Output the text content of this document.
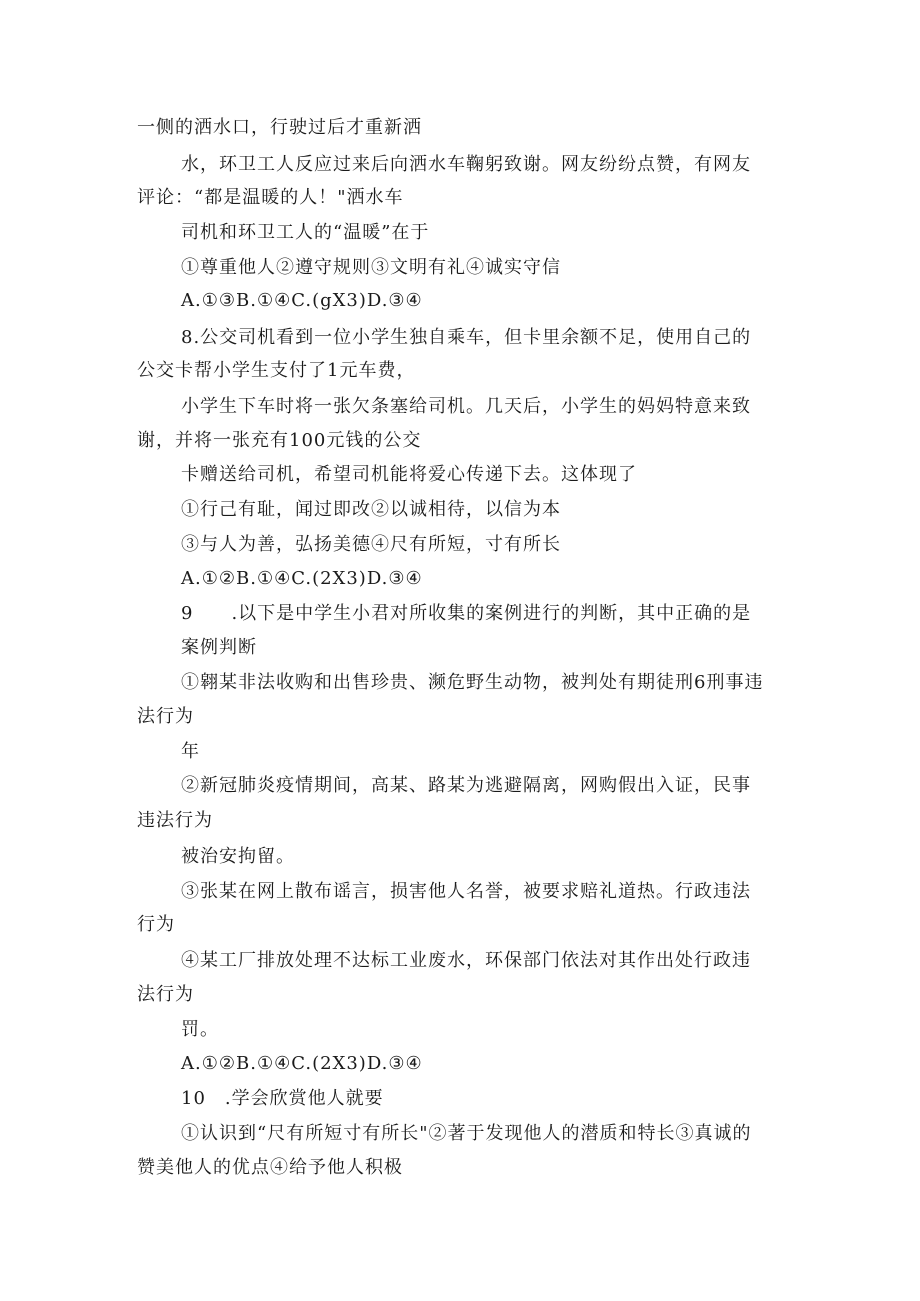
一侧的洒水口，行驶过后才重新洒
水，环卫工人反应过来后向洒水车鞠躬致谢。网友纷纷点赞，有网友
评论：“都是温暖的人！"洒水车
司机和环卫工人的“温暖”在于
①尊重他人②遵守规则③文明有礼④诚实守信
A.①③B.①④C.(gX3)D.③④
8.公交司机看到一位小学生独自乘车，但卡里余额不足，使用自己的
公交卡帮小学生支付了1元车费，
小学生下车时将一张欠条塞给司机。几天后，小学生的妈妈特意来致
谢，并将一张充有100元钱的公交
卡赠送给司机，希望司机能将爱心传递下去。这体现了
①行己有耻，闻过即改②以诚相待，以信为本
③与人为善，弘扬美德④尺有所短，寸有所长
A.①②B.①④C.(2X3)D.③④
9　　.以下是中学生小君对所收集的案例进行的判断，其中正确的是
案例判断
①翱某非法收购和出售珍贵、濒危野生动物，被判处有期徒刑6刑事违
法行为
年
②新冠肺炎疫情期间，高某、路某为逃避隔离，网购假出入证，民事
违法行为
被治安拘留。
③张某在网上散布谣言，损害他人名誉，被要求赔礼道热。行政违法
行为
④某工厂排放处理不达标工业废水，环保部门依法对其作出处行政违
法行为
罚。
A.①②B.①④C.(2X3)D.③④
10　.学会欣赏他人就要
①认识到“尺有所短寸有所长"②著于发现他人的潜质和特长③真诚的
赞美他人的优点④给予他人积极
